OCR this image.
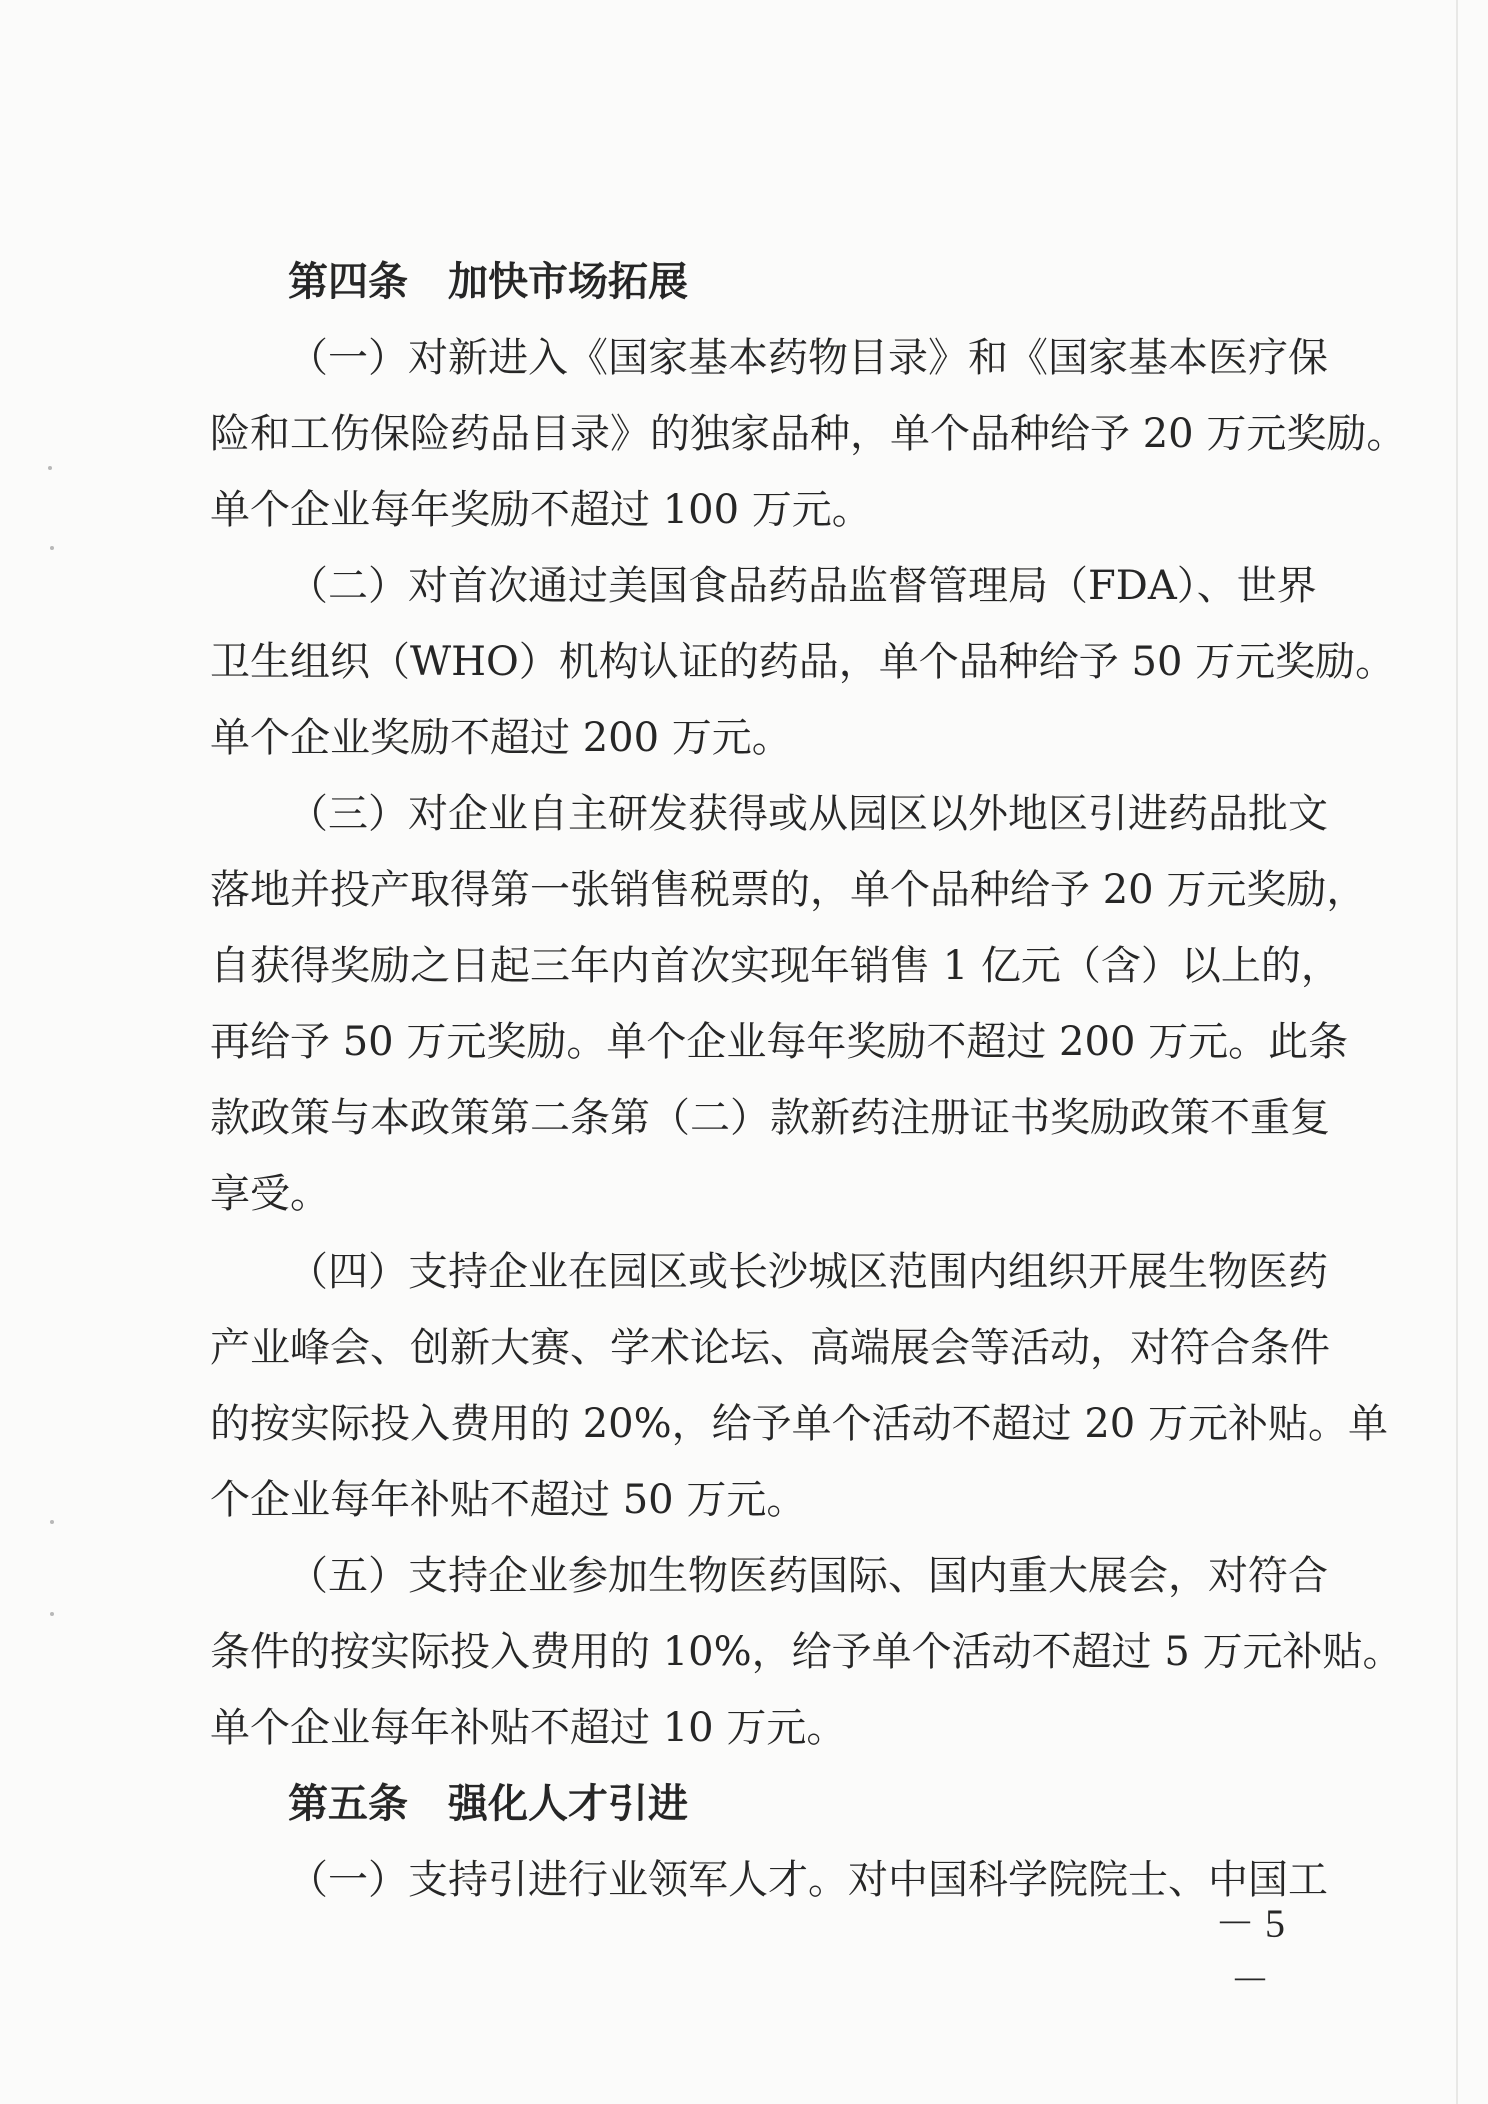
第四条　加快市场拓展
（一）对新进入《国家基本药物目录》和《国家基本医疗保
险和工伤保险药品目录》的独家品种，单个品种给予 20 万元奖励。
单个企业每年奖励不超过 100 万元。
（二）对首次通过美国食品药品监督管理局（FDA）、世界
卫生组织（WHO）机构认证的药品，单个品种给予 50 万元奖励。
单个企业奖励不超过 200 万元。
（三）对企业自主研发获得或从园区以外地区引进药品批文
落地并投产取得第一张销售税票的，单个品种给予 20 万元奖励，
自获得奖励之日起三年内首次实现年销售 1 亿元（含）以上的，
再给予 50 万元奖励。单个企业每年奖励不超过 200 万元。此条
款政策与本政策第二条第（二）款新药注册证书奖励政策不重复
享受。
（四）支持企业在园区或长沙城区范围内组织开展生物医药
产业峰会、创新大赛、学术论坛、高端展会等活动，对符合条件
的按实际投入费用的 20%，给予单个活动不超过 20 万元补贴。单
个企业每年补贴不超过 50 万元。
（五）支持企业参加生物医药国际、国内重大展会，对符合
条件的按实际投入费用的 10%，给予单个活动不超过 5 万元补贴。
单个企业每年补贴不超过 10 万元。
第五条　强化人才引进
（一）支持引进行业领军人才。对中国科学院院士、中国工
－ 5 －
